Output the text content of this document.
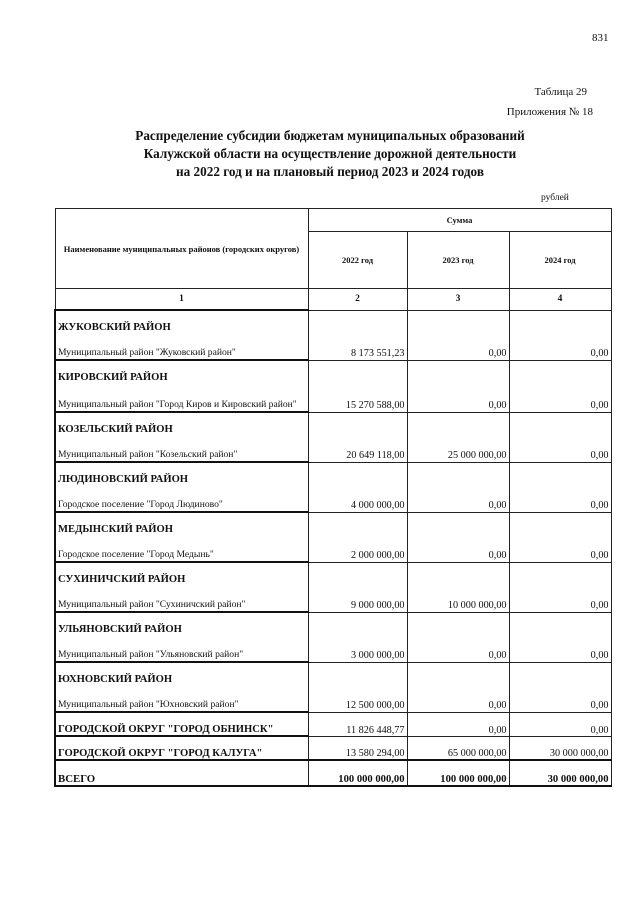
831
Таблица 29
Приложения № 18
Распределение субсидии бюджетам муниципальных образований
Калужской области на осуществление дорожной деятельности
на 2022 год и на плановый период 2023 и 2024 годов
рублей
Наименование муниципальных районов (городских округов)	Сумма		
	2022 год	2023 год	2024 год
1	2	3	4
ЖУКОВСКИЙ РАЙОН			
Муниципальный район "Жуковский район"	8 173 551,23	0,00	0,00
КИРОВСКИЙ РАЙОН			
Муниципальный район "Город Киров и Кировский район"	15 270 588,00	0,00	0,00
КОЗЕЛЬСКИЙ РАЙОН			
Муниципальный район "Козельский район"	20 649 118,00	25 000 000,00	0,00
ЛЮДИНОВСКИЙ РАЙОН			
Городское поселение "Город Людиново"	4 000 000,00	0,00	0,00
МЕДЫНСКИЙ РАЙОН			
Городское поселение "Город Медынь"	2 000 000,00	0,00	0,00
СУХИНИЧСКИЙ РАЙОН			
Муниципальный район "Сухиничский район"	9 000 000,00	10 000 000,00	0,00
УЛЬЯНОВСКИЙ РАЙОН			
Муниципальный район "Ульяновский район"	3 000 000,00	0,00	0,00
ЮХНОВСКИЙ РАЙОН			
Муниципальный район "Юхновский район"	12 500 000,00	0,00	0,00
ГОРОДСКОЙ ОКРУГ "ГОРОД ОБНИНСК"	11 826 448,77	0,00	0,00
ГОРОДСКОЙ ОКРУГ "ГОРОД КАЛУГА"	13 580 294,00	65 000 000,00	30 000 000,00
ВСЕГО	100 000 000,00	100 000 000,00	30 000 000,00
